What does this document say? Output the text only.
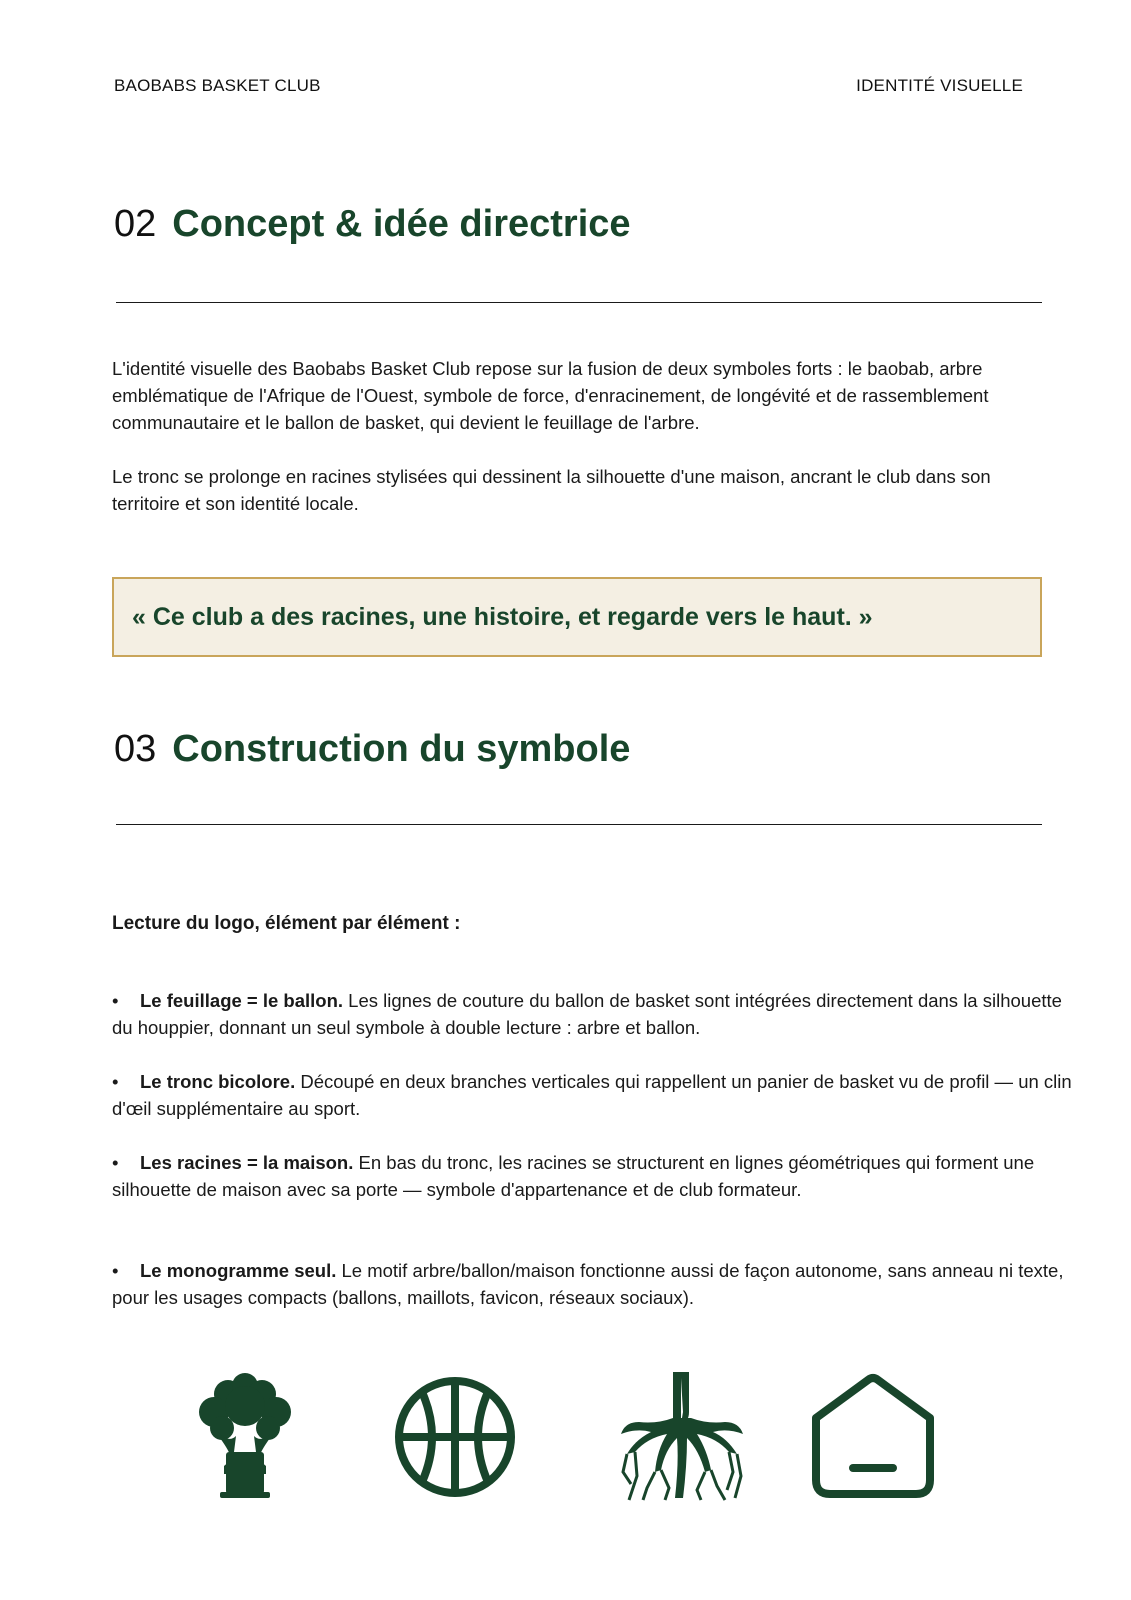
BAOBABS BASKET CLUB	IDENTITÉ VISUELLE
02 Concept & idée directrice

L'identité visuelle des Baobabs Basket Club repose sur la fusion de deux symboles forts : le baobab, arbre emblématique de l'Afrique de l'Ouest, symbole de force, d'enracinement, de longévité et de rassemblement communautaire et le ballon de basket, qui devient le feuillage de l'arbre.

Le tronc se prolonge en racines stylisées qui dessinent la silhouette d'une maison, ancrant le club dans son territoire et son identité locale.

« Ce club a des racines, une histoire, et regarde vers le haut. »
03 Construction du symbole

Lecture du logo, élément par élément :

• Le feuillage = le ballon. Les lignes de couture du ballon de basket sont intégrées directement dans la silhouette du houppier, donnant un seul symbole à double lecture : arbre et ballon.

• Le tronc bicolore. Découpé en deux branches verticales qui rappellent un panier de basket vu de profil — un clin d'œil supplémentaire au sport.

• Les racines = la maison. En bas du tronc, les racines se structurent en lignes géométriques qui forment une silhouette de maison avec sa porte — symbole d'appartenance et de club formateur.

• Le monogramme seul. Le motif arbre/ballon/maison fonctionne aussi de façon autonome, sans anneau ni texte, pour les usages compacts (ballons, maillots, favicon, réseaux sociaux).
